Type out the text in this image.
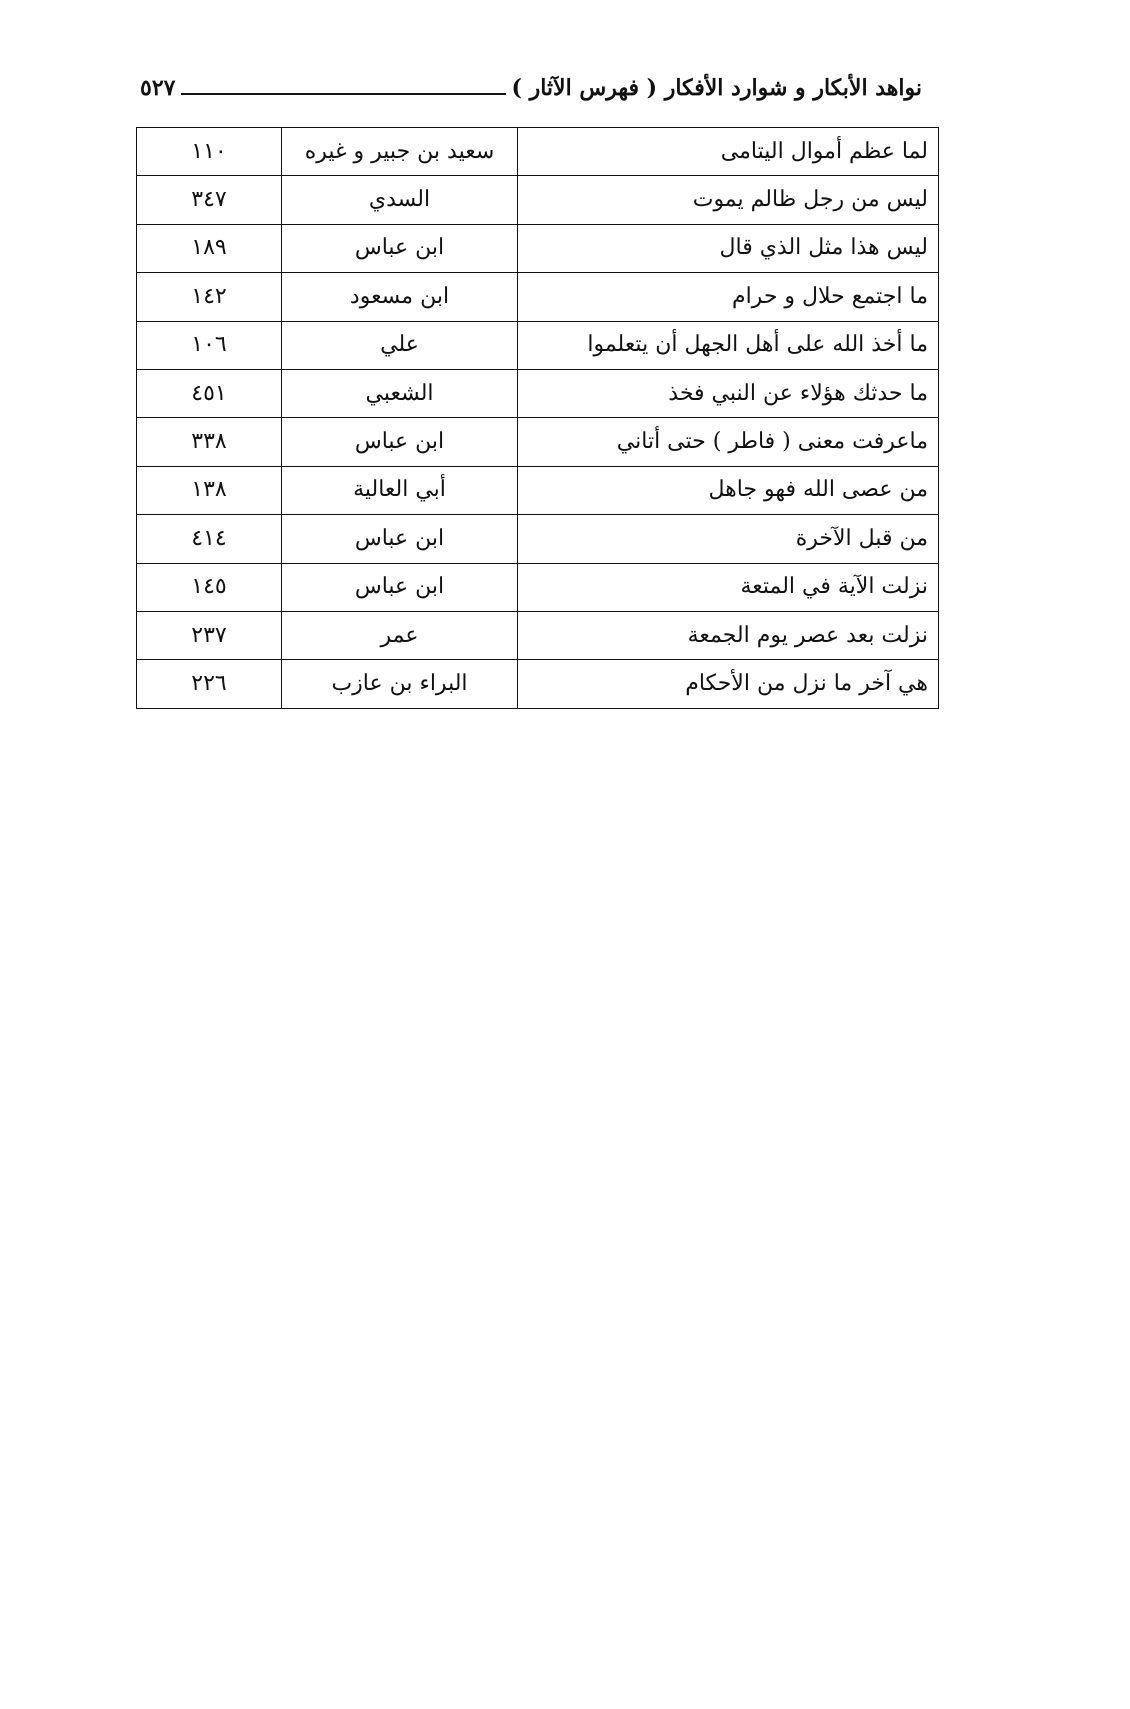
نواهد الأبكار و شوارد الأفكار ( فهرس الآثار )
٥٢٧
لما عظم أموال اليتامى	سعيد بن جبير و غيره	١١٠
ليس من رجل ظالم يموت	السدي	٣٤٧
ليس هذا مثل الذي قال	ابن عباس	١٨٩
ما اجتمع حلال و حرام	ابن مسعود	١٤٢
ما أخذ الله على أهل الجهل أن يتعلموا	علي	١٠٦
ما حدثك هؤلاء عن النبي فخذ	الشعبي	٤٥١
ماعرفت معنى ( فاطر ) حتى أتاني	ابن عباس	٣٣٨
من عصى الله فهو جاهل	أبي العالية	١٣٨
من قبل الآخرة	ابن عباس	٤١٤
نزلت الآية في المتعة	ابن عباس	١٤٥
نزلت بعد عصر يوم الجمعة	عمر	٢٣٧
هي آخر ما نزل من الأحكام	البراء بن عازب	٢٢٦
